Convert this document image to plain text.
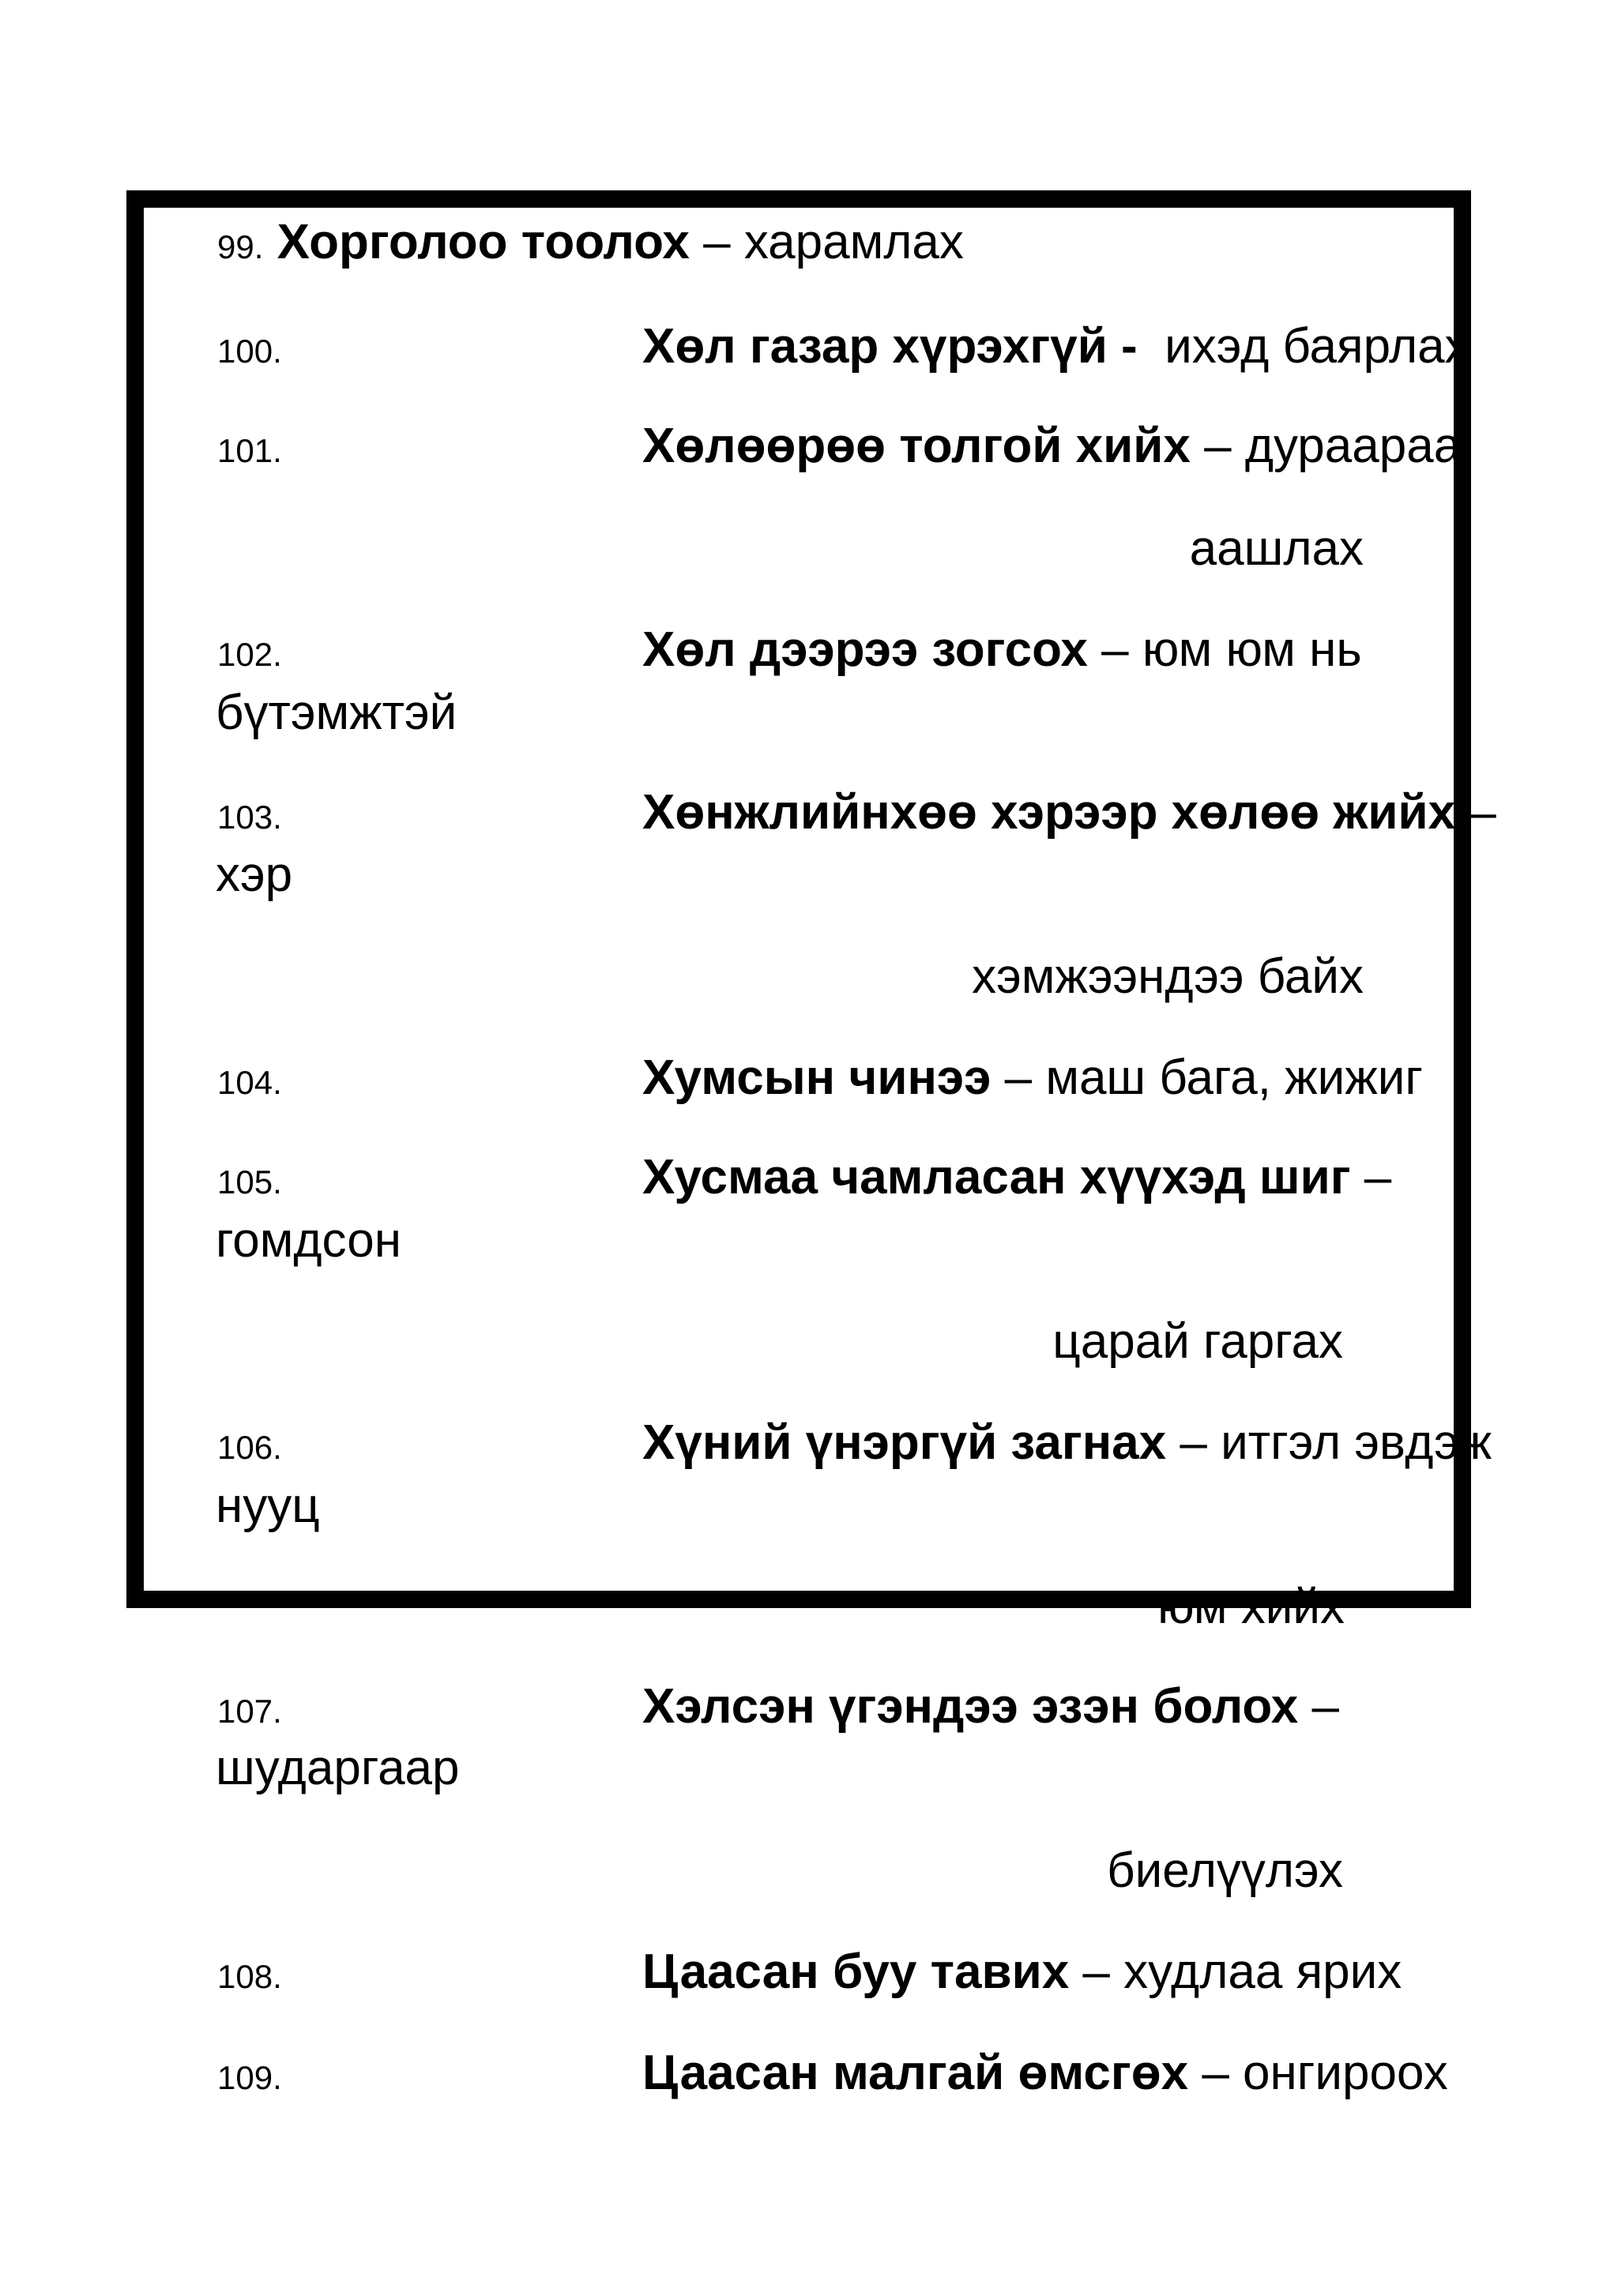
99. Хорголоо тоолох – харамлах
100.	Хөл газар хүрэхгүй - ихэд баярлах
101.	Хөлөөрөө толгой хийх – дураараа
аашлах
102.	Хөл дээрээ зогсох – юм юм нь
бүтэмжтэй
103.	Хөнжлийнхөө хэрээр хөлөө жийх –
хэр
хэмжээндээ байх
104.	Хумсын чинээ – маш бага, жижиг
105.	Хусмаа чамласан хүүхэд шиг –
гомдсон
царай гаргах
106.	Хүний үнэргүй загнах – итгэл эвдэж
нууц
юм хийх
107.	Хэлсэн үгэндээ эзэн болох –
шударгаар
биелүүлэх
108.	Цаасан буу тавих – худлаа ярих
109.	Цаасан малгай өмсгөх – онгироох
